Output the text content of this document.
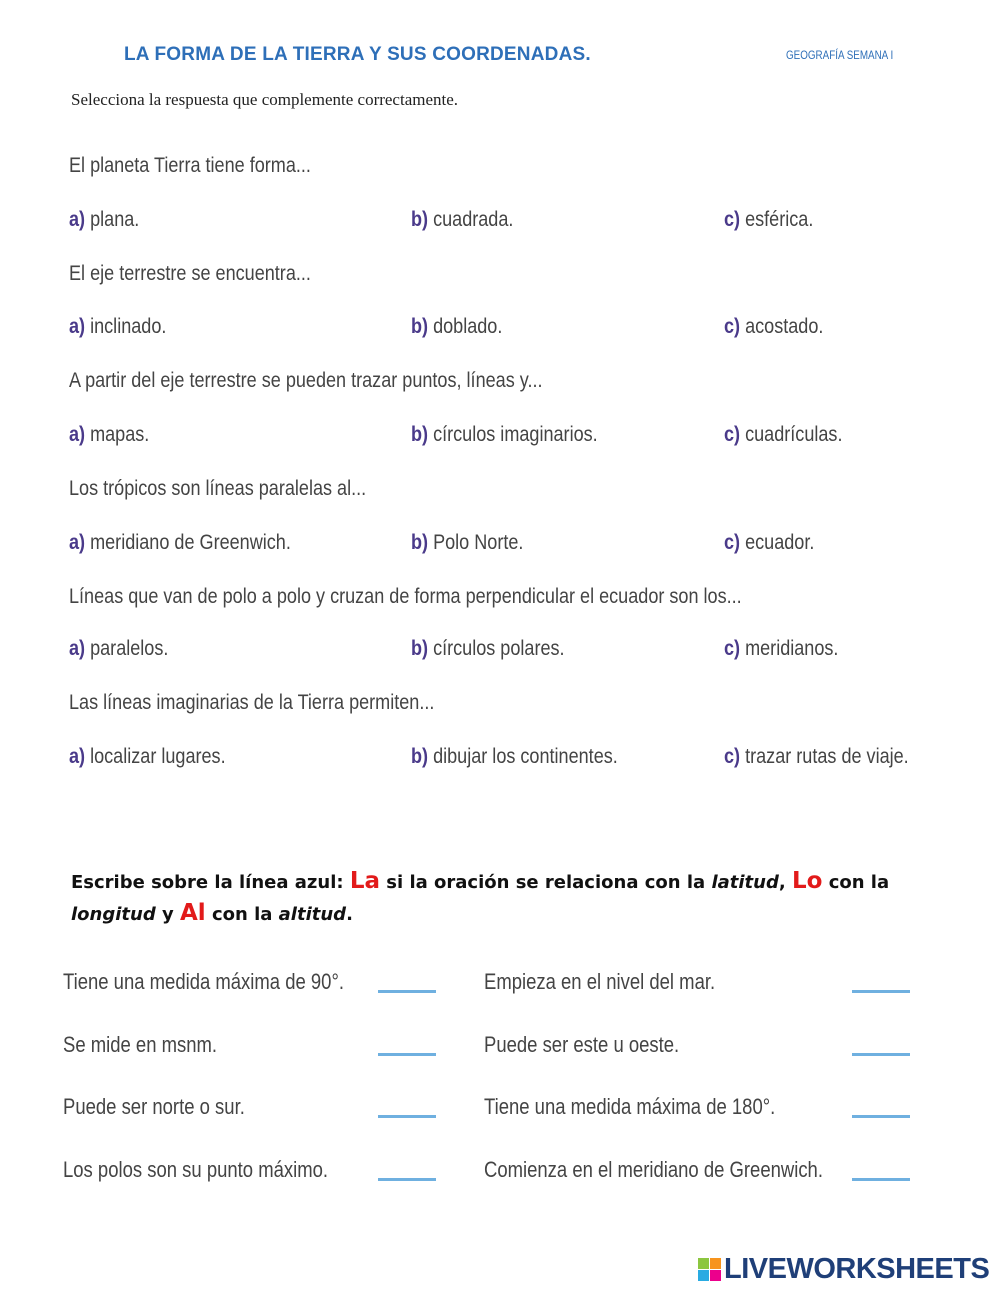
LA FORMA DE LA TIERRA Y SUS COORDENADAS.	GEOGRAFÍA SEMANA I
Selecciona la respuesta que complemente correctamente.
El planeta Tierra tiene forma...
a) plana.	b) cuadrada.	c) esférica.
El eje terrestre se encuentra...
a) inclinado.	b) doblado.	c) acostado.
A partir del eje terrestre se pueden trazar puntos, líneas y...
a) mapas.	b) círculos imaginarios.	c) cuadrículas.
Los trópicos son líneas paralelas al...
a) meridiano de Greenwich.	b) Polo Norte.	c) ecuador.
Líneas que van de polo a polo y cruzan de forma perpendicular el ecuador son los...
a) paralelos.	b) círculos polares.	c) meridianos.
Las líneas imaginarias de la Tierra permiten...
a) localizar lugares.	b) dibujar los continentes.	c) trazar rutas de viaje.
Escribe sobre la línea azul: La si la oración se relaciona con la latitud, Lo con la longitud y Al con la altitud.
Tiene una medida máxima de 90°.
Se mide en msnm.
Puede ser norte o sur.
Los polos son su punto máximo.
Empieza en el nivel del mar.
Puede ser este u oeste.
Tiene una medida máxima de 180°.
Comienza en el meridiano de Greenwich.
LIVEWORKSHEETS
